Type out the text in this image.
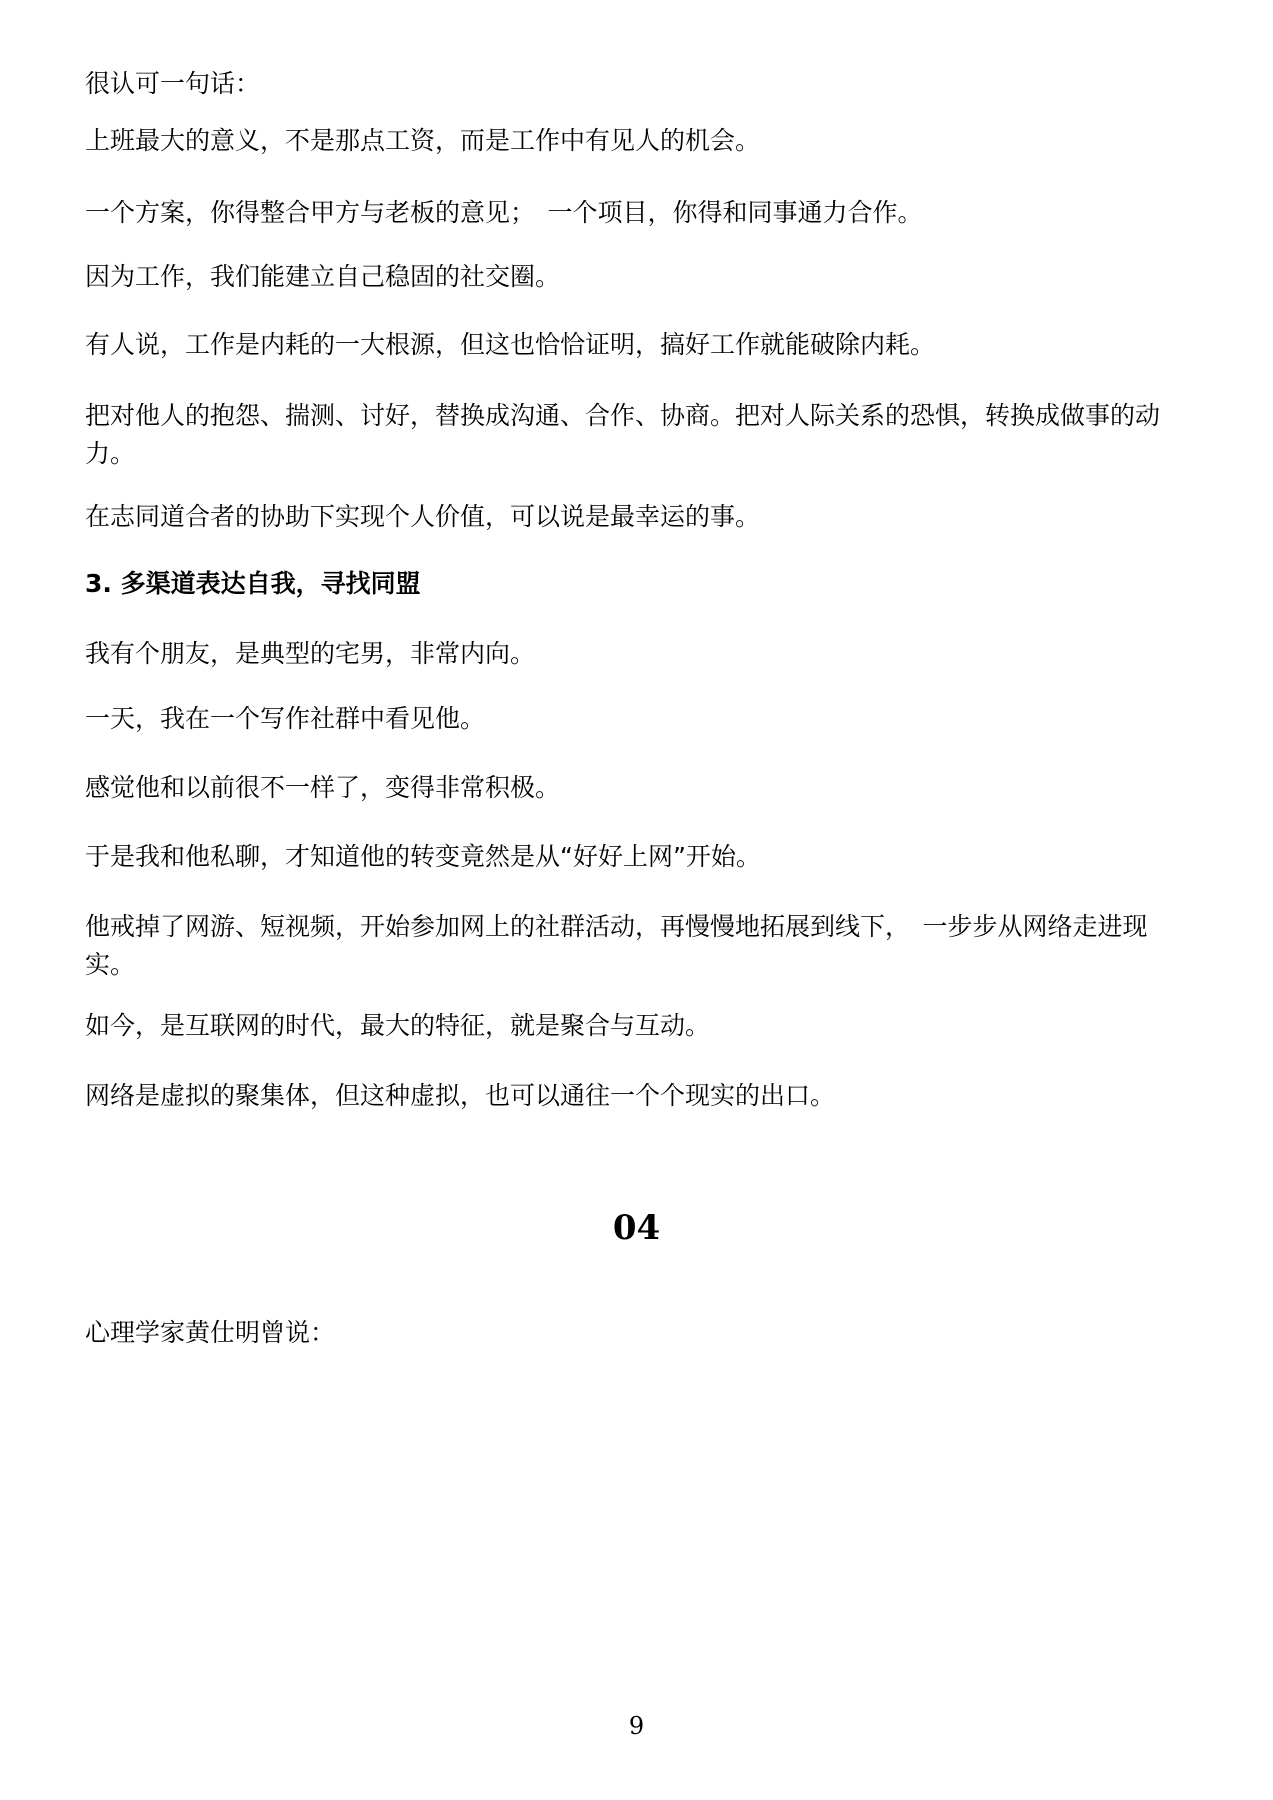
很认可一句话：

上班最大的意义，不是那点工资，而是工作中有见人的机会。

一个方案，你得整合甲方与老板的意见；　一个项目，你得和同事通力合作。

因为工作，我们能建立自己稳固的社交圈。

有人说，工作是内耗的一大根源，但这也恰恰证明，搞好工作就能破除内耗。

把对他人的抱怨、揣测、讨好，替换成沟通、合作、协商。把对人际关系的恐惧，转换成做事的动力。

在志同道合者的协助下实现个人价值，可以说是最幸运的事。

3. 多渠道表达自我，寻找同盟

我有个朋友，是典型的宅男，非常内向。

一天，我在一个写作社群中看见他。

感觉他和以前很不一样了，变得非常积极。

于是我和他私聊，才知道他的转变竟然是从“好好上网”开始。

他戒掉了网游、短视频，开始参加网上的社群活动，再慢慢地拓展到线下，　一步步从网络走进现实。

如今，是互联网的时代，最大的特征，就是聚合与互动。

网络是虚拟的聚集体，但这种虚拟，也可以通往一个个现实的出口。

04

心理学家黄仕明曾说：

9
